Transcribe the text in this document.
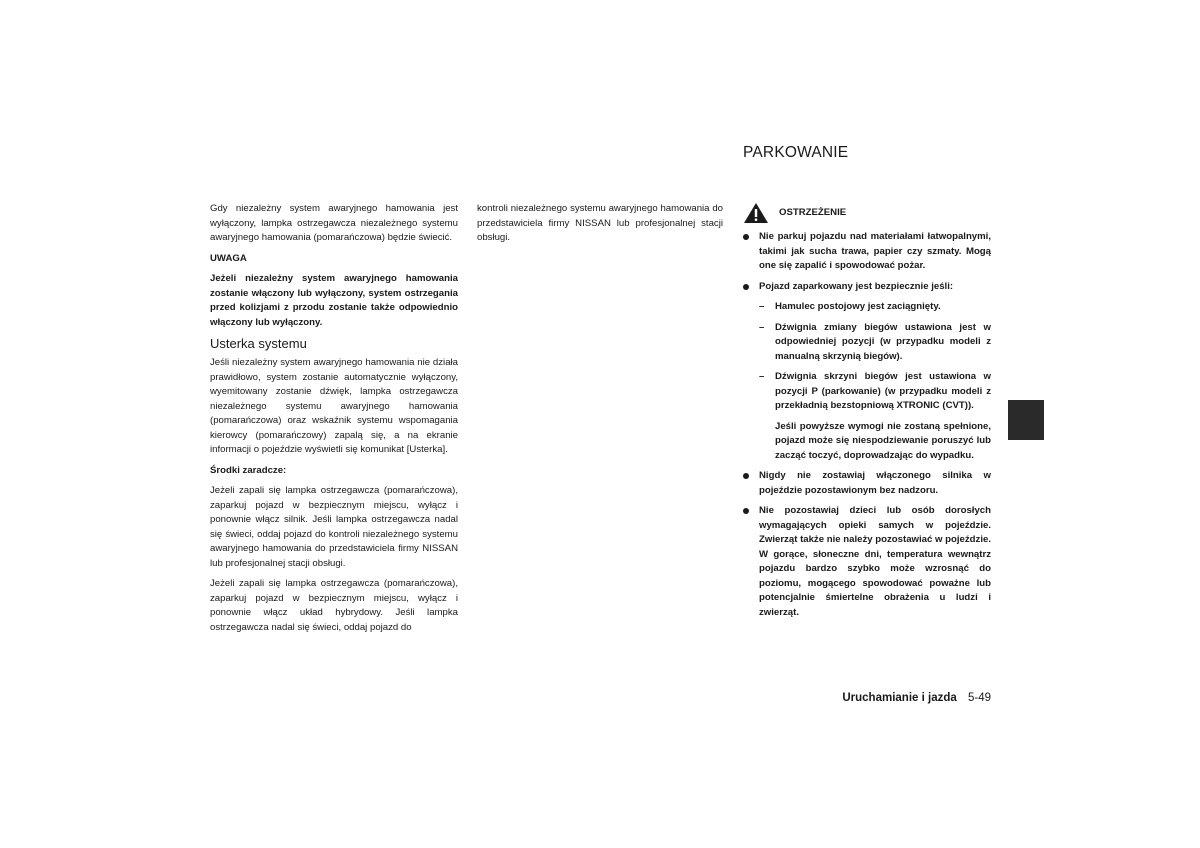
Gdy niezależny system awaryjnego hamowania jest wyłączony, lampka ostrzegawcza niezależnego systemu awaryjnego hamowania (pomarańczowa) będzie świecić.

UWAGA

Jeżeli niezależny system awaryjnego hamowania zostanie włączony lub wyłączony, system ostrzegania przed kolizjami z przodu zostanie także odpowiednio włączony lub wyłączony.

Usterka systemu

Jeśli niezależny system awaryjnego hamowania nie działa prawidłowo, system zostanie automatycznie wyłączony, wyemitowany zostanie dźwięk, lampka ostrzegawcza niezależnego systemu awaryjnego hamowania (pomarańczowa) oraz wskaźnik systemu wspomagania kierowcy (pomarańczowy) zapalą się, a na ekranie informacji o pojeździe wyświetli się komunikat [Usterka].

Środki zaradcze:

Jeżeli zapali się lampka ostrzegawcza (pomarańczowa), zaparkuj pojazd w bezpiecznym miejscu, wyłącz i ponownie włącz silnik. Jeśli lampka ostrzegawcza nadal się świeci, oddaj pojazd do kontroli niezależnego systemu awaryjnego hamowania do przedstawiciela firmy NISSAN lub profesjonalnej stacji obsługi.

Jeżeli zapali się lampka ostrzegawcza (pomarańczowa), zaparkuj pojazd w bezpiecznym miejscu, wyłącz i ponownie włącz układ hybrydowy. Jeśli lampka ostrzegawcza nadal się świeci, oddaj pojazd do

kontroli niezależnego systemu awaryjnego hamowania do przedstawiciela firmy NISSAN lub profesjonalnej stacji obsługi.

PARKOWANIE
OSTRZEŻENIE
Nie parkuj pojazdu nad materiałami łatwopalnymi, takimi jak sucha trawa, papier czy szmaty. Mogą one się zapalić i spowodować pożar.
Pojazd zaparkowany jest bezpiecznie jeśli:
– Hamulec postojowy jest zaciągnięty.
– Dźwignia zmiany biegów ustawiona jest w odpowiedniej pozycji (w przypadku modeli z manualną skrzynią biegów).
– Dźwignia skrzyni biegów jest ustawiona w pozycji P (parkowanie) (w przypadku modeli z przekładnią bezstopniową XTRONIC (CVT)).
Jeśli powyższe wymogi nie zostaną spełnione, pojazd może się niespodziewanie poruszyć lub zacząć toczyć, doprowadzając do wypadku.
Nigdy nie zostawiaj włączonego silnika w pojeździe pozostawionym bez nadzoru.
Nie pozostawiaj dzieci lub osób dorosłych wymagających opieki samych w pojeździe. Zwierząt także nie należy pozostawiać w pojeździe. W gorące, słoneczne dni, temperatura wewnątrz pojazdu bardzo szybko może wzrosnąć do poziomu, mogącego spowodować poważne lub potencjalnie śmiertelne obrażenia u ludzi i zwierząt.
Uruchamianie i jazda 5-49
